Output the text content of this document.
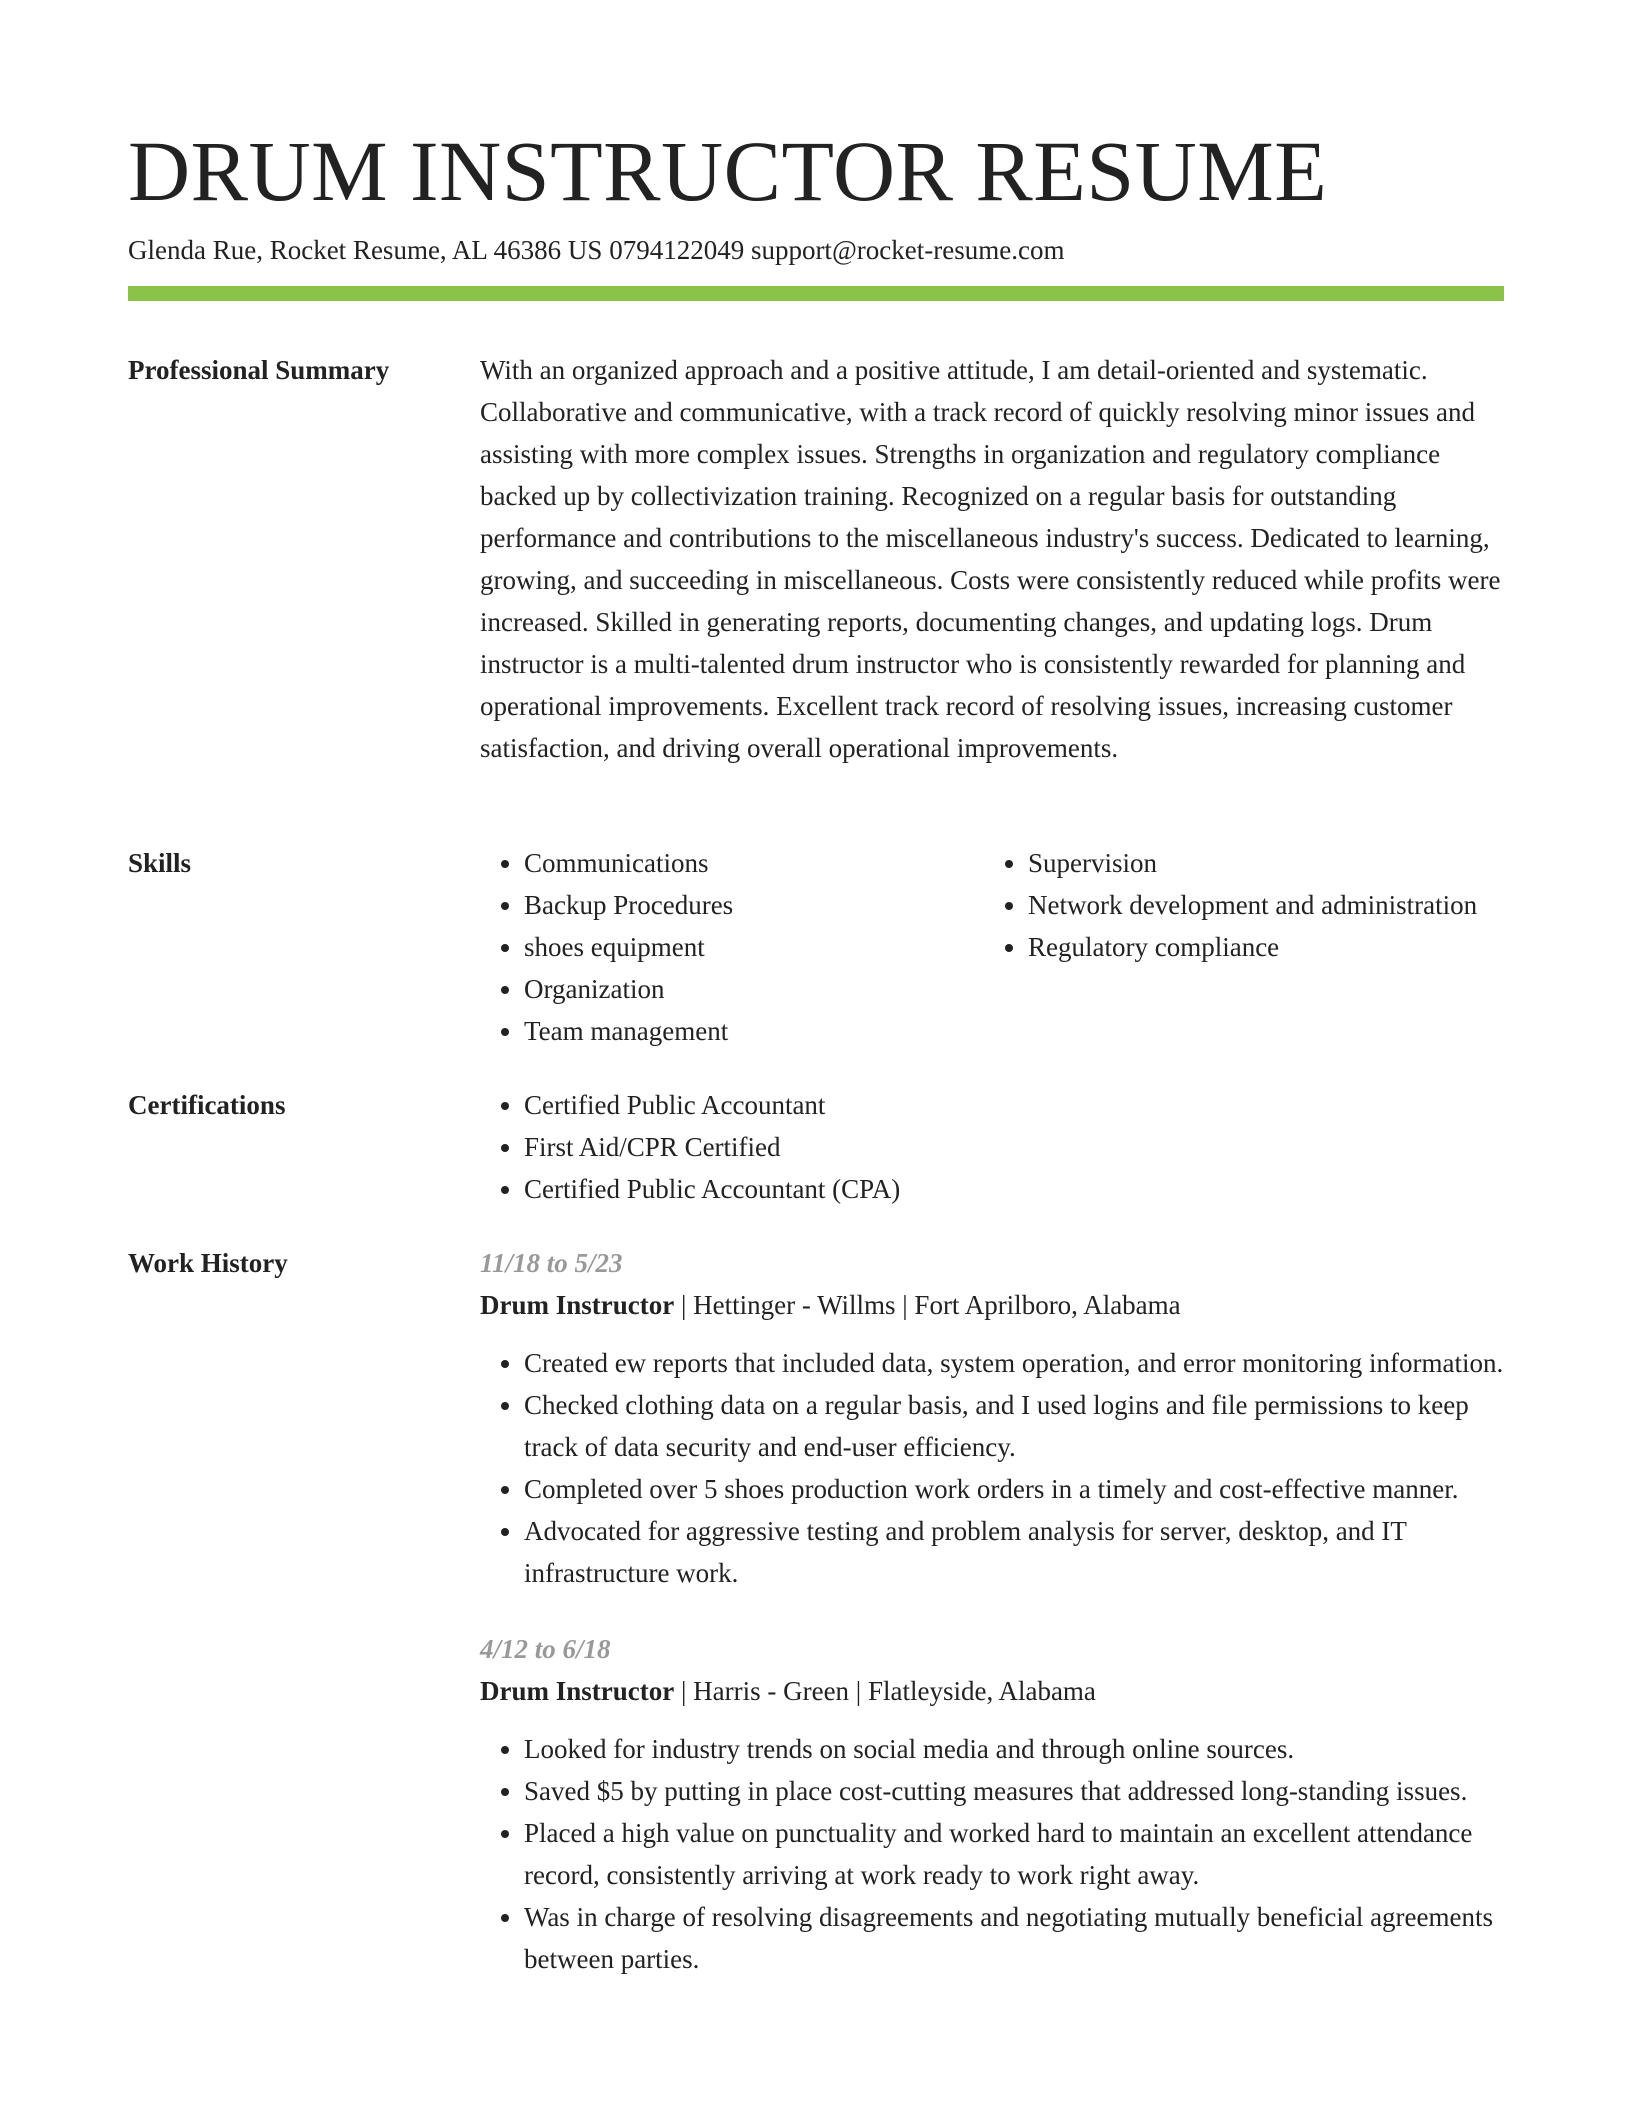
DRUM INSTRUCTOR RESUME
Glenda Rue, Rocket Resume, AL 46386 US 0794122049 support@rocket-resume.com
Professional Summary	With an organized approach and a positive attitude, I am detail-oriented and systematic. Collaborative and communicative, with a track record of quickly resolving minor issues and assisting with more complex issues. Strengths in organization and regulatory compliance backed up by collectivization training. Recognized on a regular basis for outstanding performance and contributions to the miscellaneous industry's success. Dedicated to learning, growing, and succeeding in miscellaneous. Costs were consistently reduced while profits were increased. Skilled in generating reports, documenting changes, and updating logs. Drum instructor is a multi-talented drum instructor who is consistently rewarded for planning and operational improvements. Excellent track record of resolving issues, increasing customer satisfaction, and driving overall operational improvements.

Skills	• Communications
• Backup Procedures
• shoes equipment
• Organization
• Team management
• Supervision
• Network development and administration
• Regulatory compliance
Certifications	• Certified Public Accountant
• First Aid/CPR Certified
• Certified Public Accountant (CPA)
Work History	11/18 to 5/23
Drum Instructor | Hettinger - Willms | Fort Aprilboro, Alabama
• Created ew reports that included data, system operation, and error monitoring information.
• Checked clothing data on a regular basis, and I used logins and file permissions to keep track of data security and end-user efficiency.
• Completed over 5 shoes production work orders in a timely and cost-effective manner.
• Advocated for aggressive testing and problem analysis for server, desktop, and IT infrastructure work.
4/12 to 6/18
Drum Instructor | Harris - Green | Flatleyside, Alabama
• Looked for industry trends on social media and through online sources.
• Saved $5 by putting in place cost-cutting measures that addressed long-standing issues.
• Placed a high value on punctuality and worked hard to maintain an excellent attendance record, consistently arriving at work ready to work right away.
• Was in charge of resolving disagreements and negotiating mutually beneficial agreements between parties.
